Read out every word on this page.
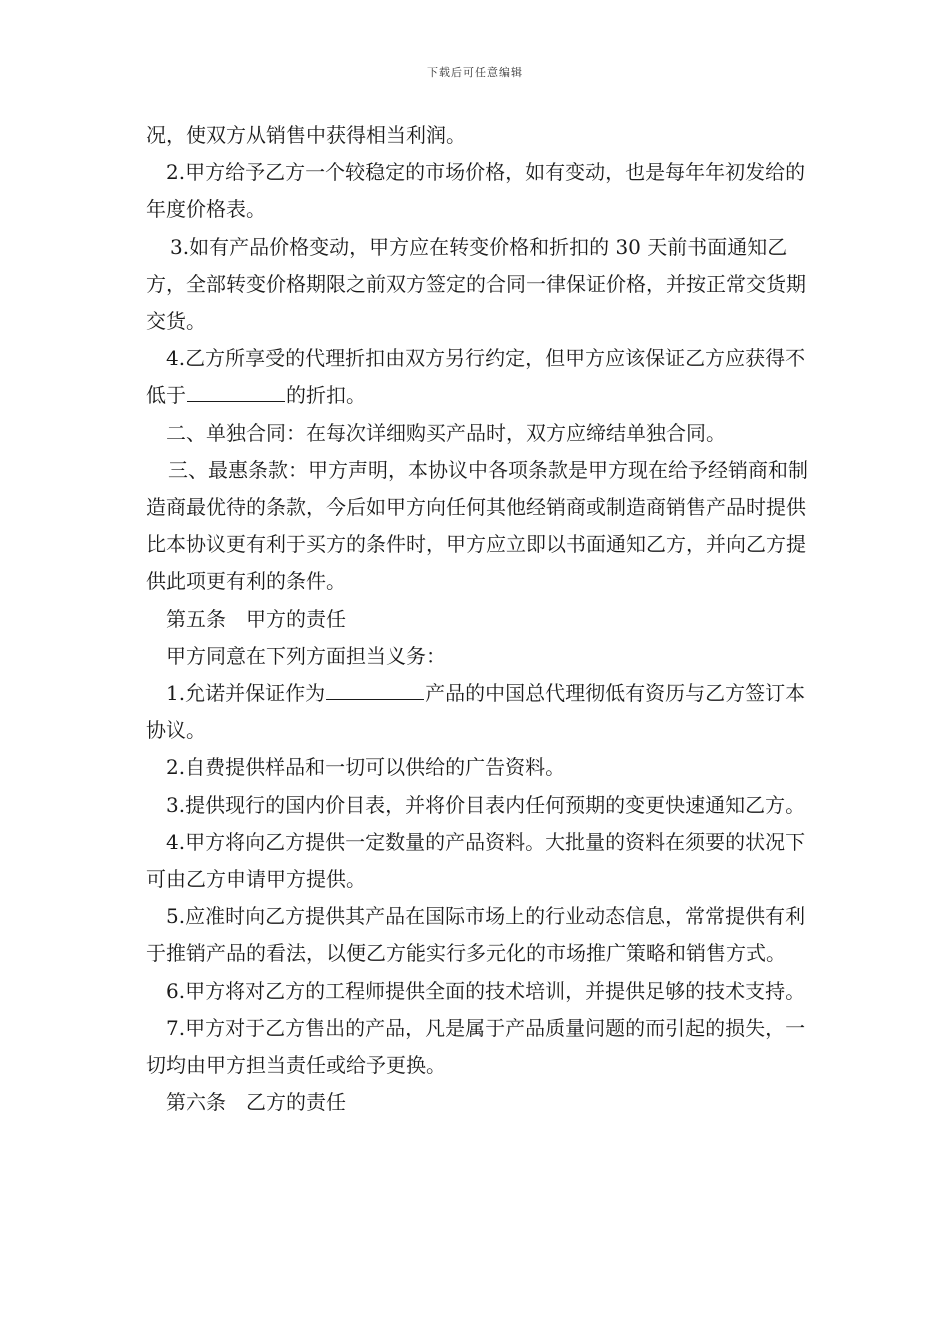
下载后可任意编辑

况，使双方从销售中获得相当利润。

2.甲方给予乙方一个较稳定的市场价格，如有变动，也是每年年初发给的年度价格表。

3.如有产品价格变动，甲方应在转变价格和折扣的 30 天前书面通知乙方，全部转变价格期限之前双方签定的合同一律保证价格，并按正常交货期交货。

4.乙方所享受的代理折扣由双方另行约定，但甲方应该保证乙方应获得不低于	的折扣。

二、单独合同：在每次详细购买产品时，双方应缔结单独合同。

三、最惠条款：甲方声明，本协议中各项条款是甲方现在给予经销商和制造商最优待的条款，今后如甲方向任何其他经销商或制造商销售产品时提供比本协议更有利于买方的条件时，甲方应立即以书面通知乙方，并向乙方提供此项更有利的条件。

第五条　甲方的责任

甲方同意在下列方面担当义务：

1.允诺并保证作为	产品的中国总代理彻低有资历与乙方签订本协议。

2.自费提供样品和一切可以供给的广告资料。

3.提供现行的国内价目表，并将价目表内任何预期的变更快速通知乙方。

4.甲方将向乙方提供一定数量的产品资料。大批量的资料在须要的状况下可由乙方申请甲方提供。

5.应准时向乙方提供其产品在国际市场上的行业动态信息，常常提供有利于推销产品的看法，以便乙方能实行多元化的市场推广策略和销售方式。

6.甲方将对乙方的工程师提供全面的技术培训，并提供足够的技术支持。

7.甲方对于乙方售出的产品，凡是属于产品质量问题的而引起的损失，一切均由甲方担当责任或给予更换。

第六条　乙方的责任
